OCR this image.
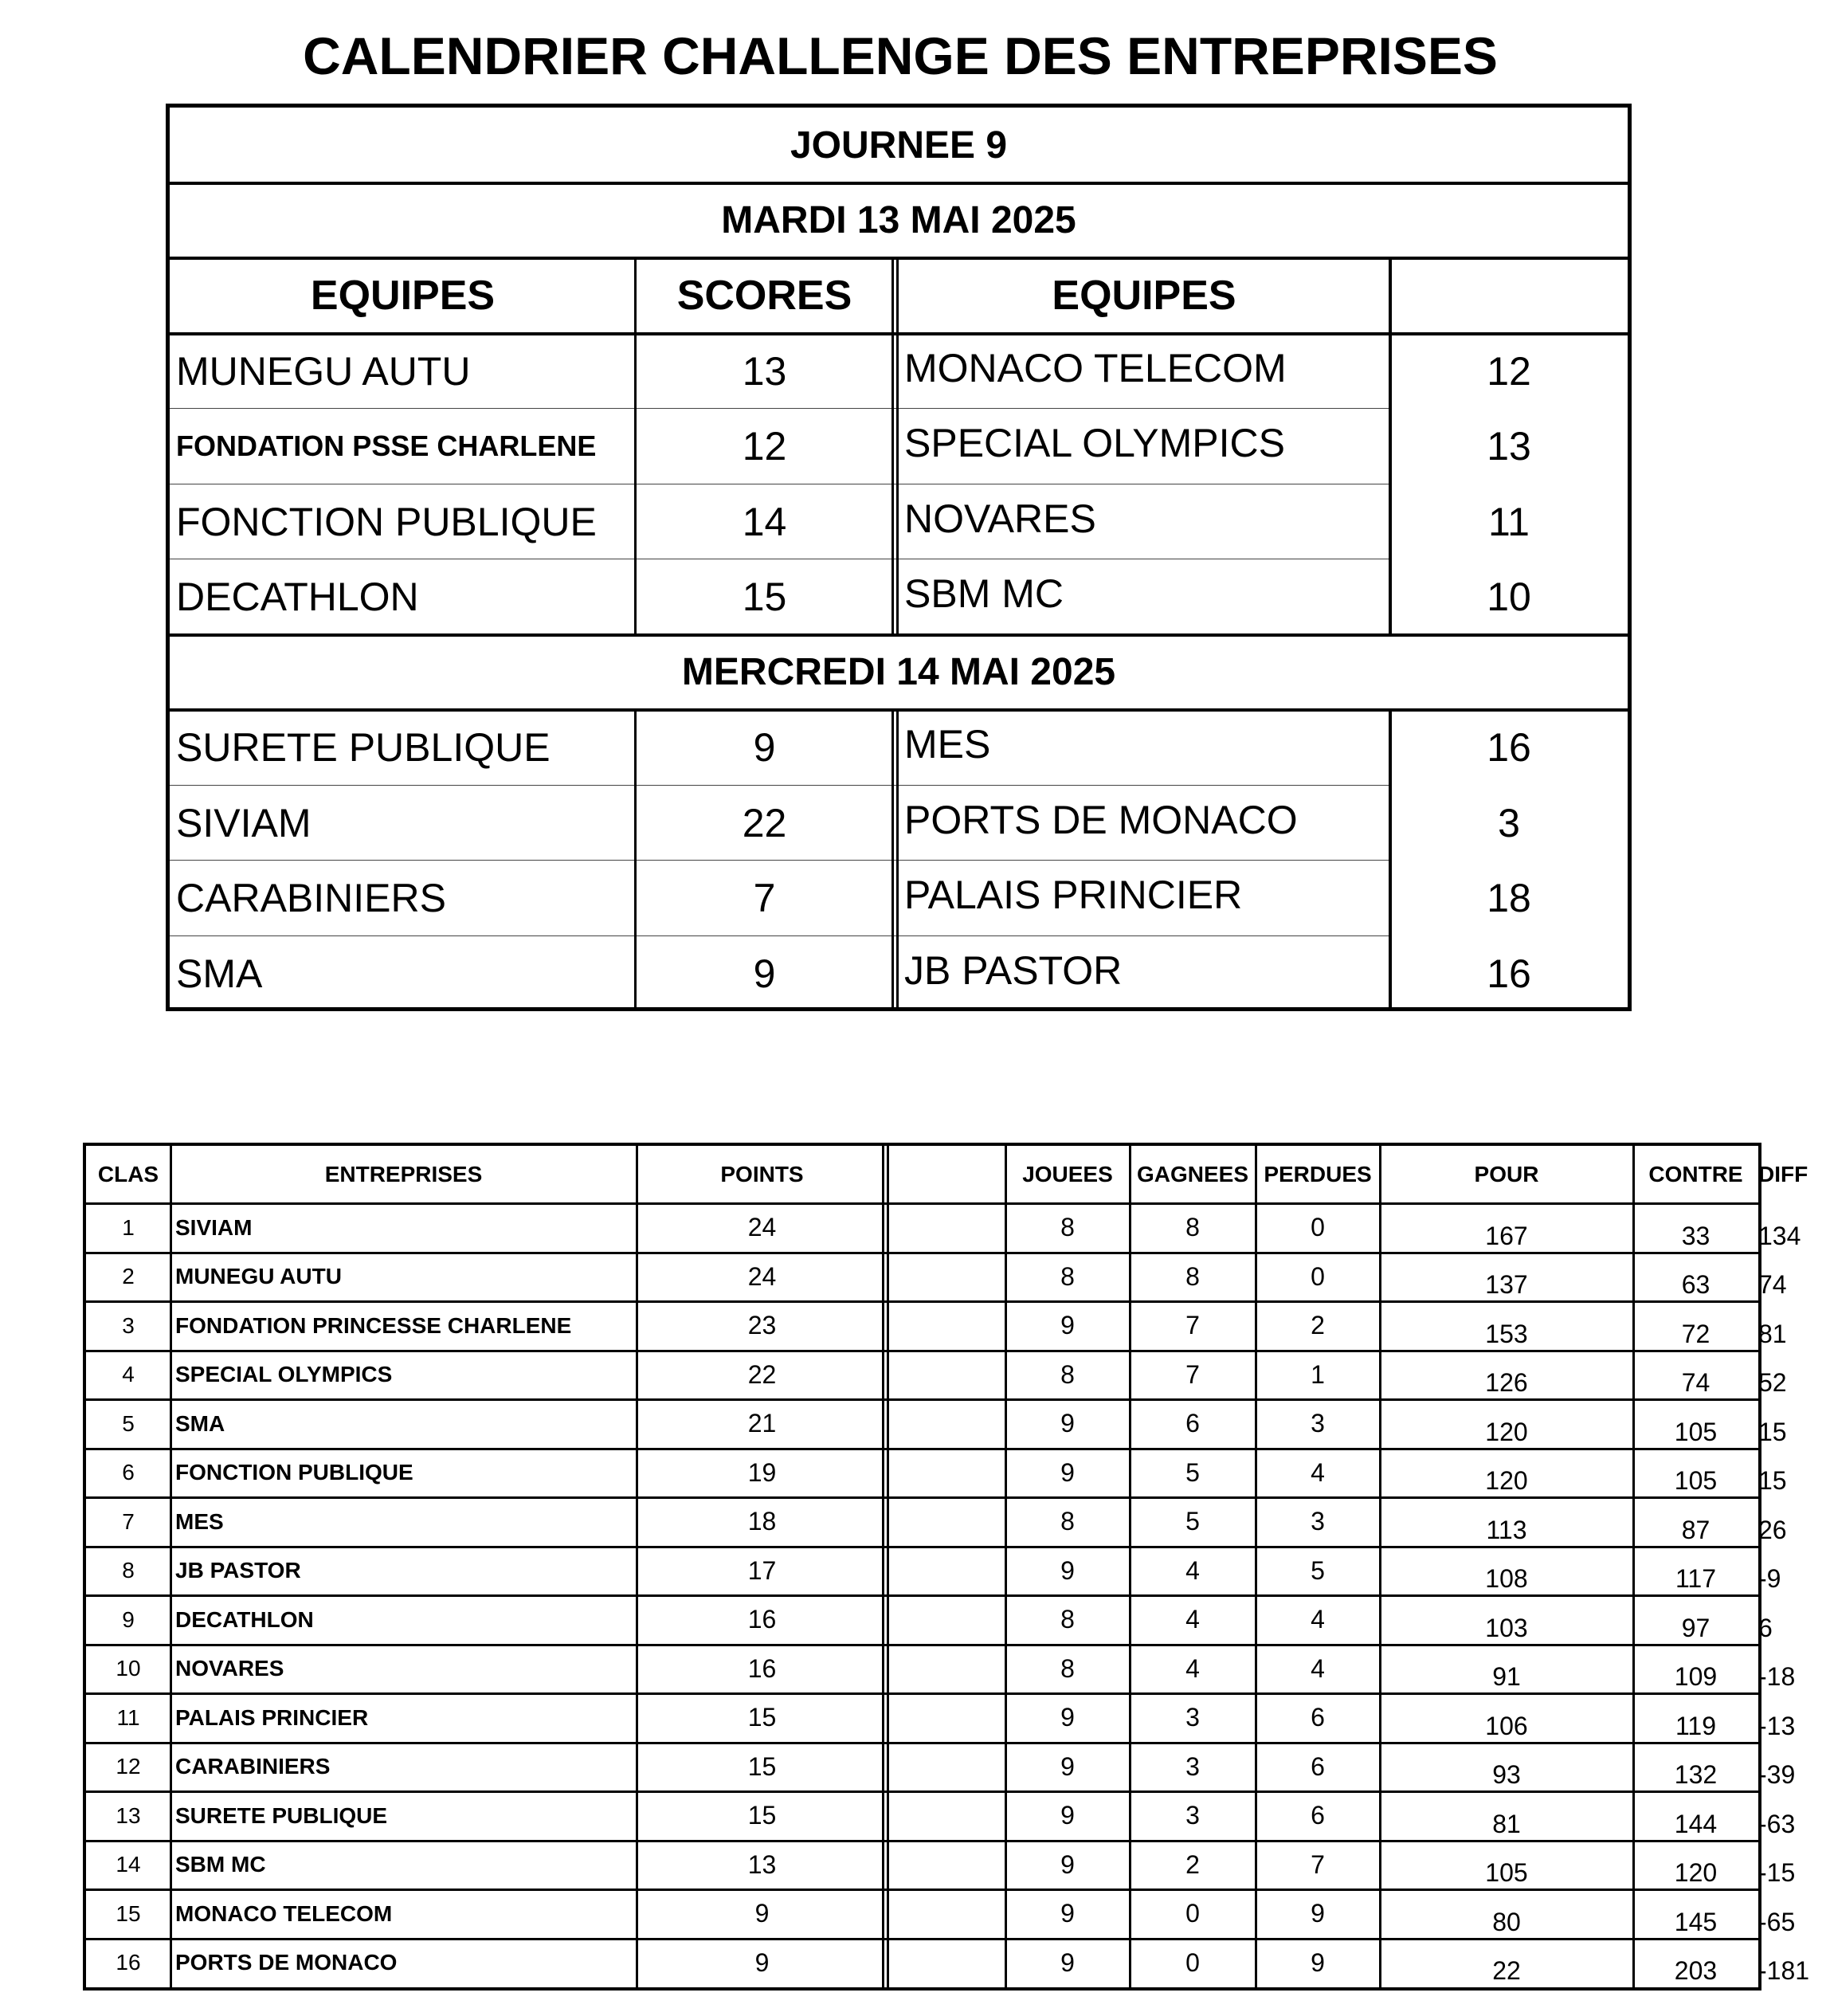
CALENDRIER CHALLENGE DES ENTREPRISES
JOURNEE 9
MARDI 13 MAI 2025
EQUIPES	SCORES	EQUIPES
MUNEGU AUTU	13	MONACO TELECOM	12
FONDATION PSSE CHARLENE	12	SPECIAL OLYMPICS	13
FONCTION PUBLIQUE	14	NOVARES	11
DECATHLON	15	SBM MC	10
MERCREDI 14 MAI 2025
SURETE PUBLIQUE	9	MES	16
SIVIAM	22	PORTS DE MONACO	3
CARABINIERS	7	PALAIS PRINCIER	18
SMA	9	JB PASTOR	16
CLAS	ENTREPRISES	POINTS	JOUEES	GAGNEES PERDUES	POUR	CONTRE DIFF
1	SIVIAM	24	8	8	0	167	33	134
2	MUNEGU AUTU	24	8	8	0	137	63	74
3	FONDATION PRINCESSE CHARLENE	23	9	7	2	153	72	81
4	SPECIAL OLYMPICS	22	8	7	1	126	74	52
5	SMA	21	9	6	3	120	105	15
6	FONCTION PUBLIQUE	19	9	5	4	120	105	15
7	MES	18	8	5	3	113	87	26
8	JB PASTOR	17	9	4	5	108	117	-9
9	DECATHLON	16	8	4	4	103	97	6
10	NOVARES	16	8	4	4	91	109	-18
11	PALAIS PRINCIER	15	9	3	6	106	119	-13
12	CARABINIERS	15	9	3	6	93	132	-39
13	SURETE PUBLIQUE	15	9	3	6	81	144	-63
14	SBM MC	13	9	2	7	105	120	-15
15	MONACO TELECOM	9	9	0	9	80	145	-65
16	PORTS DE MONACO	9	9	0	9	22	203	-181
